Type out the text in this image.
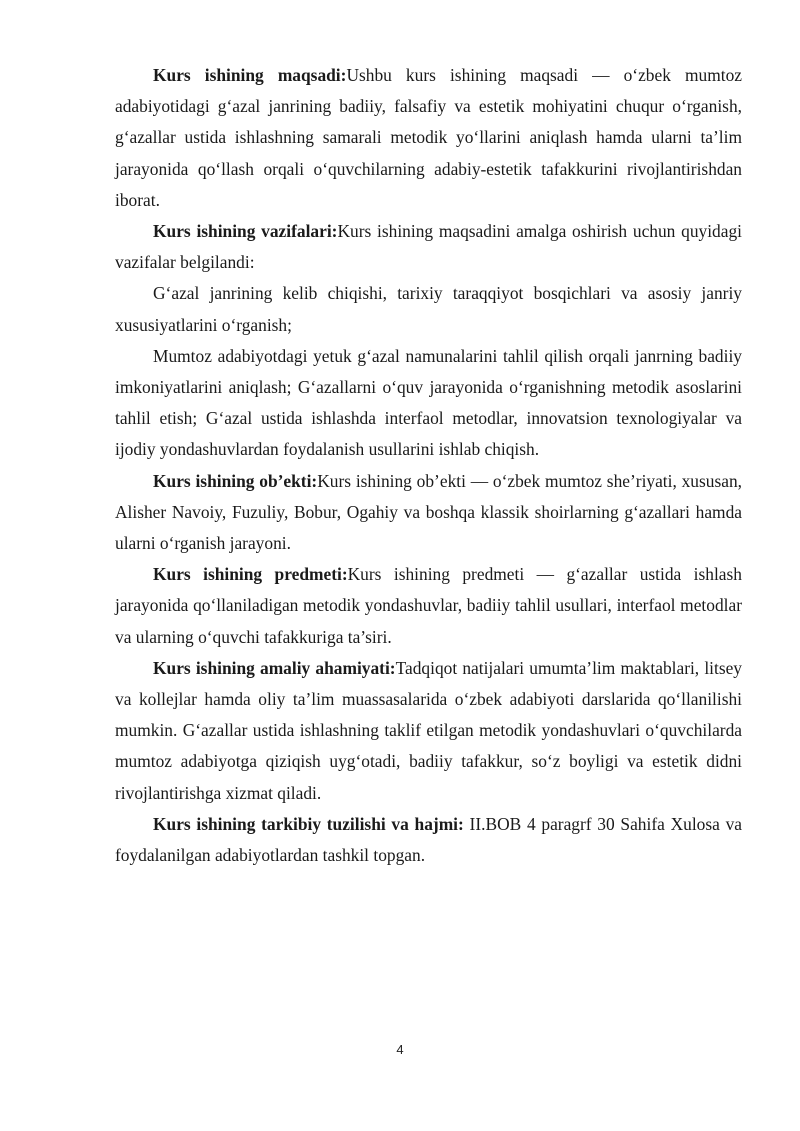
Kurs ishining maqsadi:Ushbu kurs ishining maqsadi — o‘zbek mumtoz adabiyotidagi g‘azal janrining badiiy, falsafiy va estetik mohiyatini chuqur o‘rganish, g‘azallar ustida ishlashning samarali metodik yo‘llarini aniqlash hamda ularni ta’lim jarayonida qo‘llash orqali o‘quvchilarning adabiy-estetik tafakkurini rivojlantirishdan iborat.

Kurs ishining vazifalari:Kurs ishining maqsadini amalga oshirish uchun quyidagi vazifalar belgilandi:

G‘azal janrining kelib chiqishi, tarixiy taraqqiyot bosqichlari va asosiy janriy xususiyatlarini o‘rganish;

Mumtoz adabiyotdagi yetuk g‘azal namunalarini tahlil qilish orqali janrning badiiy imkoniyatlarini aniqlash; G‘azallarni o‘quv jarayonida o‘rganishning metodik asoslarini tahlil etish; G‘azal ustida ishlashda interfaol metodlar, innovatsion texnologiyalar va ijodiy yondashuvlardan foydalanish usullarini ishlab chiqish.

Kurs ishining ob’ekti:Kurs ishining ob’ekti — o‘zbek mumtoz she’riyati, xususan, Alisher Navoiy, Fuzuliy, Bobur, Ogahiy va boshqa klassik shoirlarning g‘azallari hamda ularni o‘rganish jarayoni.

Kurs ishining predmeti:Kurs ishining predmeti — g‘azallar ustida ishlash jarayonida qo‘llaniladigan metodik yondashuvlar, badiiy tahlil usullari, interfaol metodlar va ularning o‘quvchi tafakkuriga ta’siri.

Kurs ishining amaliy ahamiyati:Tadqiqot natijalari umumta’lim maktablari, litsey va kollejlar hamda oliy ta’lim muassasalarida o‘zbek adabiyoti darslarida qo‘llanilishi mumkin. G‘azallar ustida ishlashning taklif etilgan metodik yondashuvlari o‘quvchilarda mumtoz adabiyotga qiziqish uyg‘otadi, badiiy tafakkur, so‘z boyligi va estetik didni rivojlantirishga xizmat qiladi.

Kurs ishining tarkibiy tuzilishi va hajmi: II.BOB 4 paragrf 30 Sahifa Xulosa va foydalanilgan adabiyotlardan tashkil topgan.

4
